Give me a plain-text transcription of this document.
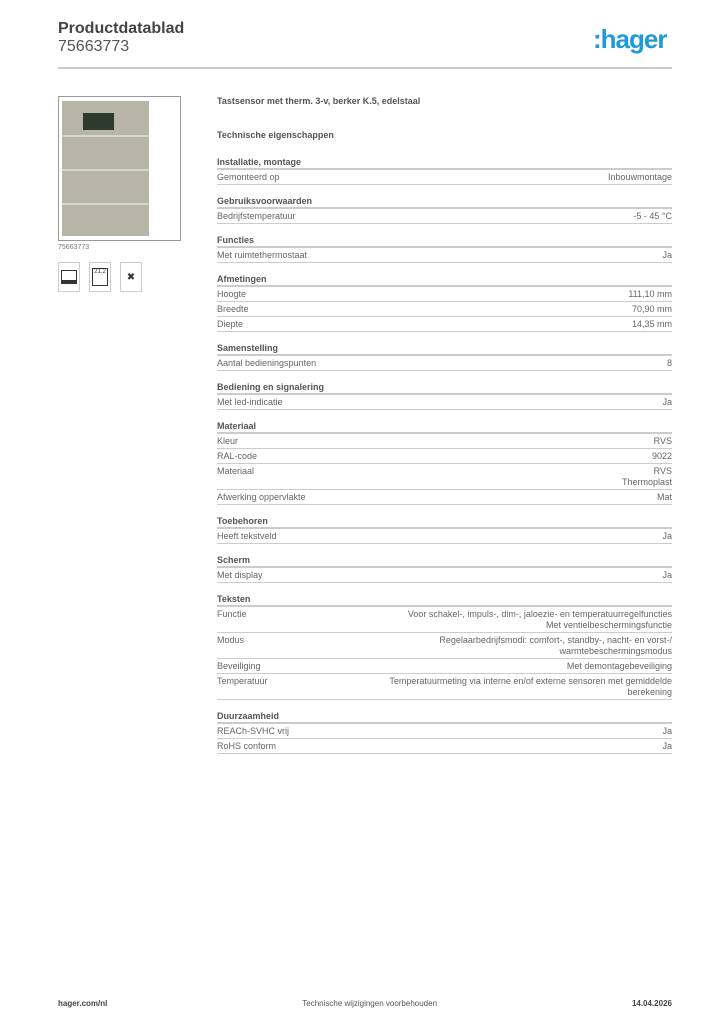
Productdatablad
75663773	:hager
75663773
21.2	✖
Tastsensor met therm. 3-v, berker K.5, edelstaal
Technische eigenschappen
Installatie, montage
Gemonteerd op	Inbouwmontage
Gebruiksvoorwaarden
Bedrijfstemperatuur	-5 - 45 °C
Functies
Met ruimtethermostaat	Ja
Afmetingen
Hoogte	111,10 mm
Breedte	70,90 mm
Diepte	14,35 mm
Samenstelling
Aantal bedieningspunten	8
Bediening en signalering
Met led-indicatie	Ja
Materiaal
Kleur	RVS
RAL-code	9022
Materiaal	RVS
Thermoplast
Afwerking oppervlakte	Mat
Toebehoren
Heeft tekstveld	Ja
Scherm
Met display	Ja
Teksten
Functie	Voor schakel-, impuls-, dim-, jaloezie- en temperatuurregelfuncties
Met ventielbeschermingsfunctie
Modus	Regelaarbedrijfsmodi: comfort-, standby-, nacht- en vorst-/
warmtebeschermingsmodus
Beveiliging	Met demontagebeveiliging
Temperatuur	Temperatuurmeting via interne en/of externe sensoren met gemiddelde
berekening
Duurzaamheid
REACh-SVHC vrij	Ja
RoHS conform	Ja
hager.com/nl	Technische wijzigingen voorbehouden	14.04.2026
